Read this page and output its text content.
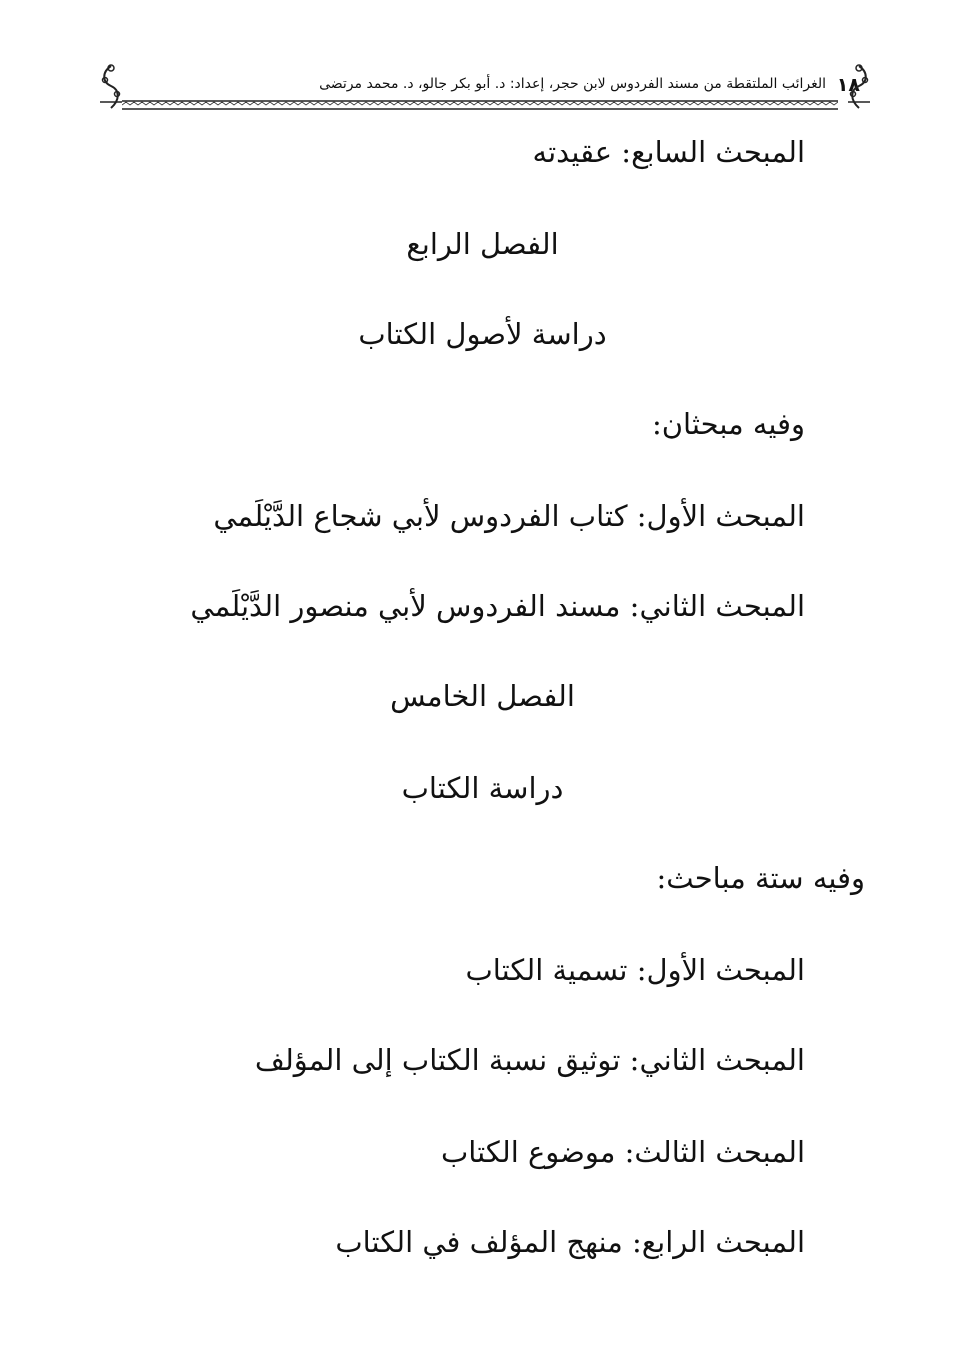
الغرائب الملتقطة من مسند الفردوس لابن حجر، إعداد: د. أبو بكر جالو، د. محمد مرتضى ١٨
المبحث السابع: عقيدته
الفصل الرابع
دراسة لأصول الكتاب
وفيه مبحثان:
المبحث الأول: كتاب الفردوس لأبي شجاع الدَّيْلَمي
المبحث الثاني: مسند الفردوس لأبي منصور الدَّيْلَمي
الفصل الخامس
دراسة الكتاب
وفيه ستة مباحث:
المبحث الأول: تسمية الكتاب
المبحث الثاني: توثيق نسبة الكتاب إلى المؤلف
المبحث الثالث: موضوع الكتاب
المبحث الرابع: منهج المؤلف في الكتاب
